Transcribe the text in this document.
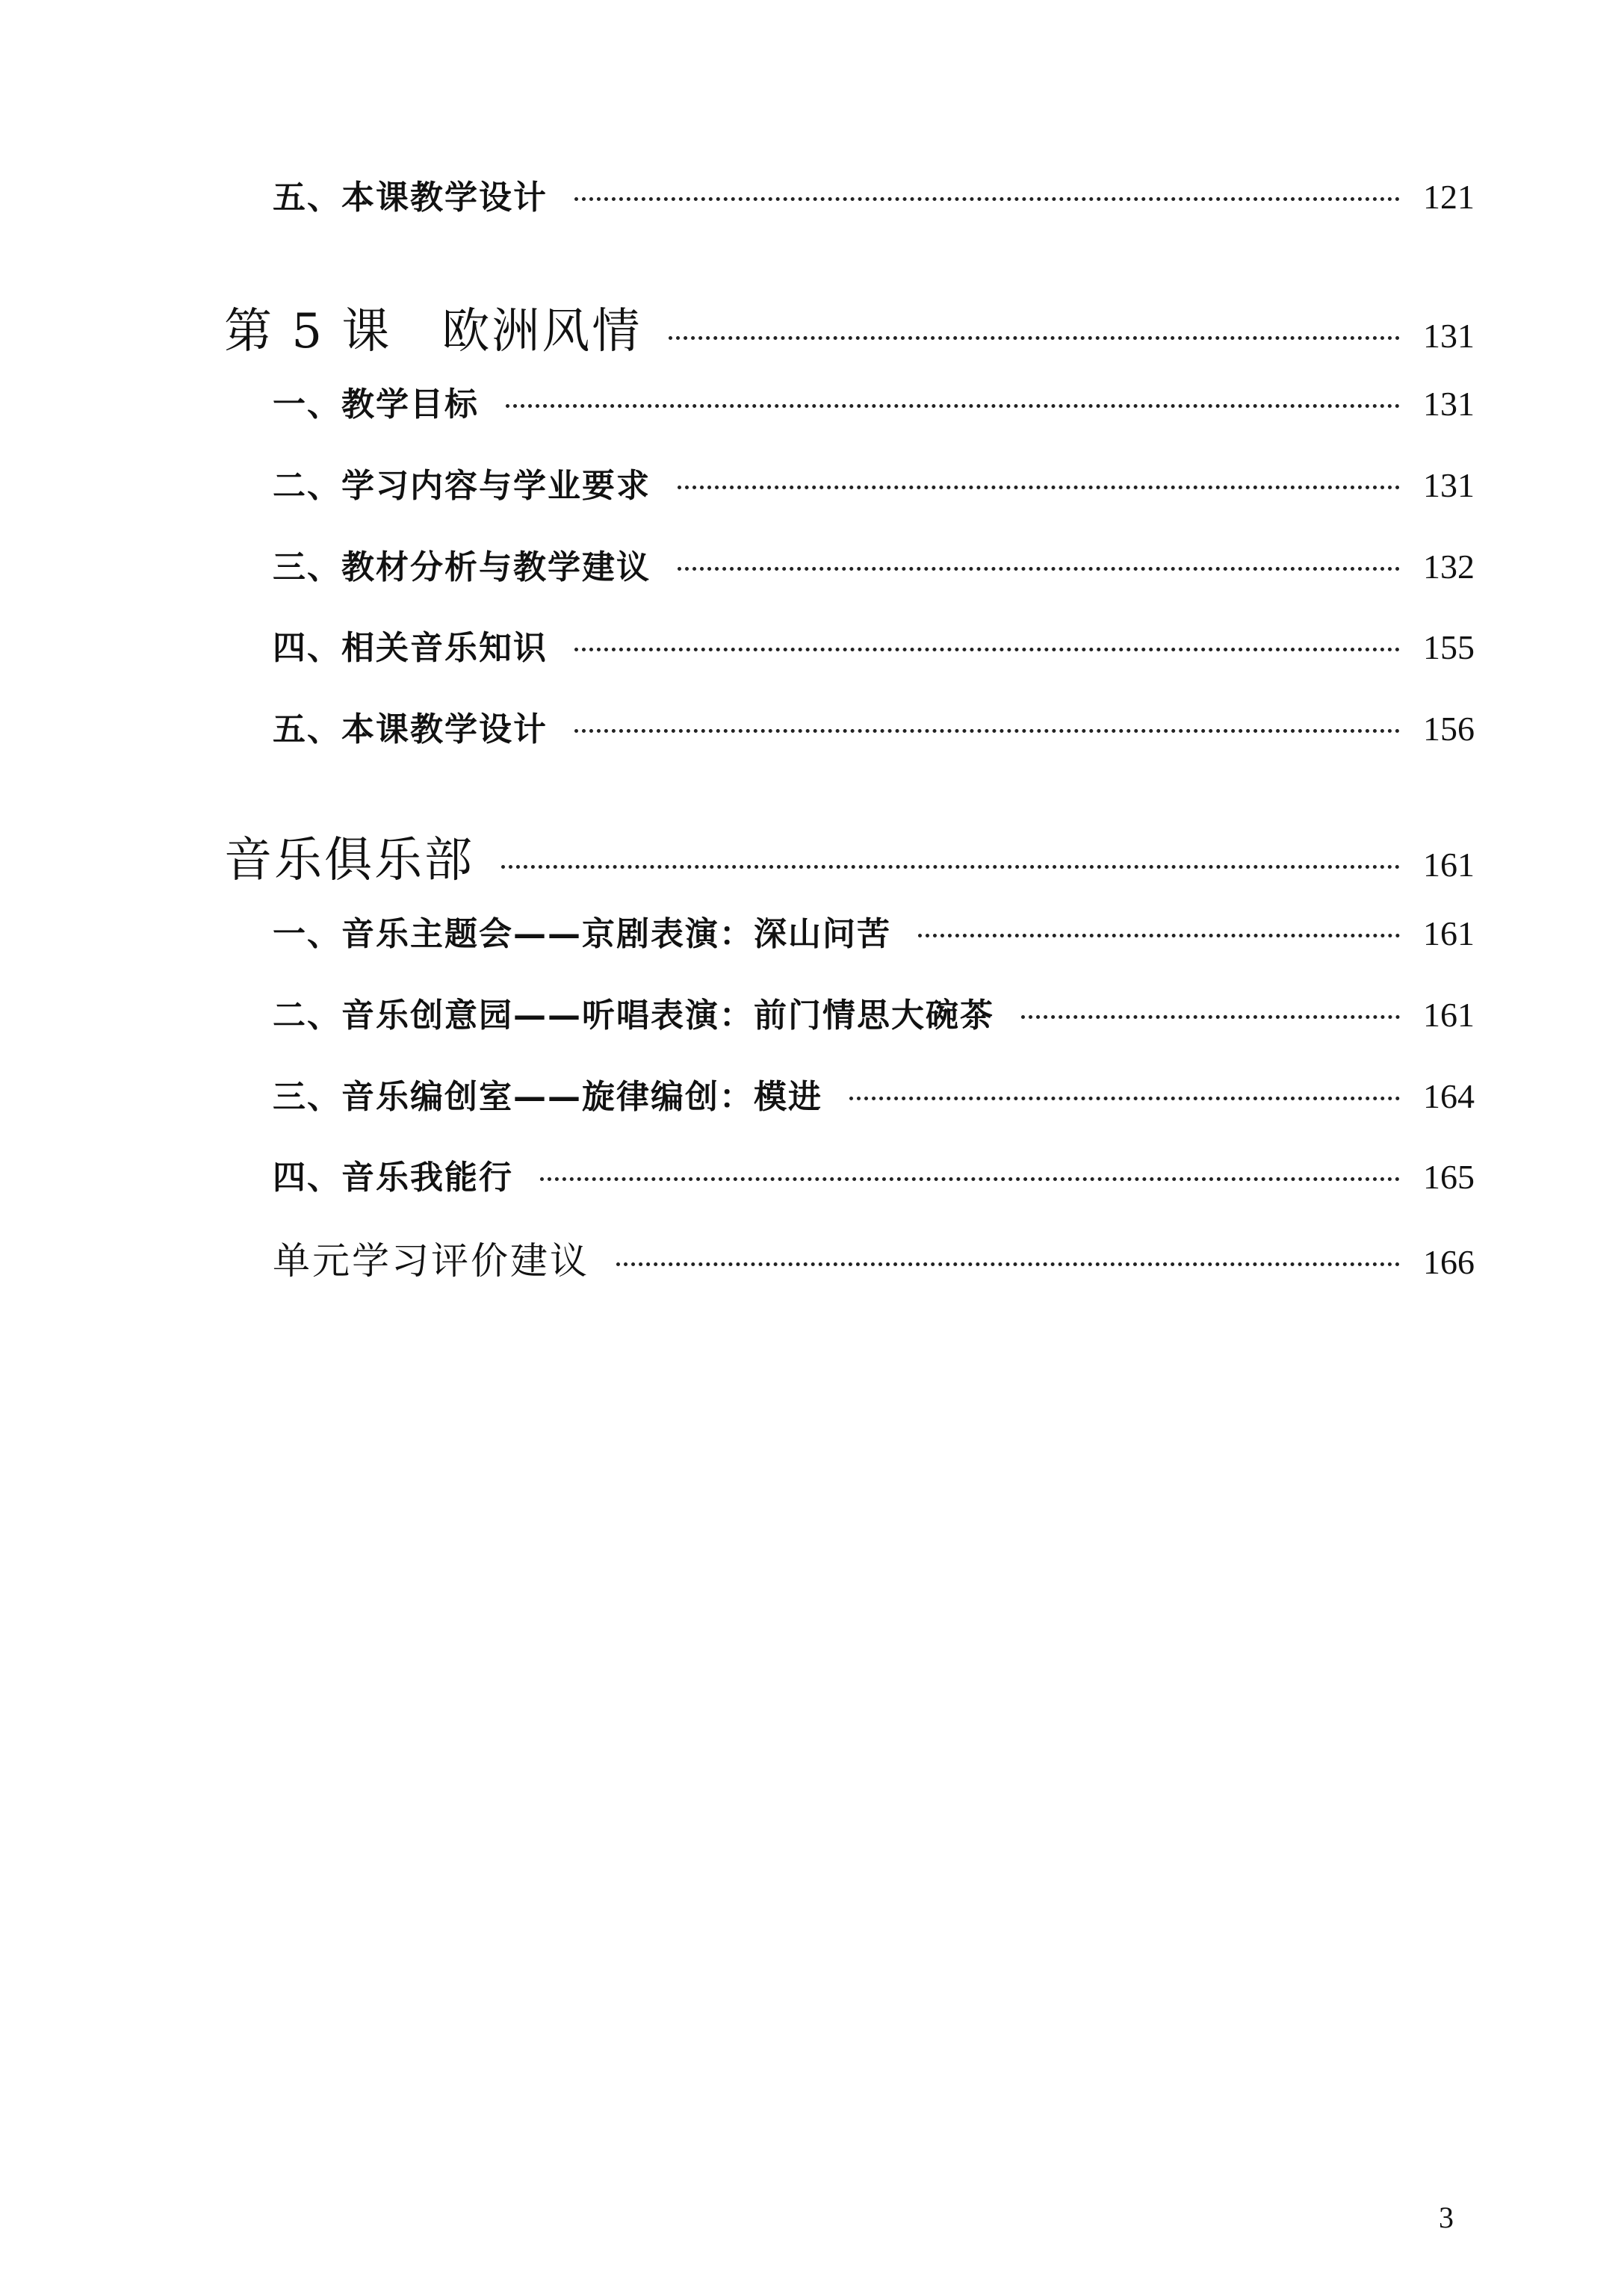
五、本课教学设计	121
第 5 课　欧洲风情	131
一、教学目标	131
二、学习内容与学业要求	131
三、教材分析与教学建议	132
四、相关音乐知识	155
五、本课教学设计	156
音乐俱乐部	161
一、音乐主题会——京剧表演：深山问苦	161
二、音乐创意园——听唱表演：前门情思大碗茶	161
三、音乐编创室——旋律编创：模进	164
四、音乐我能行	165
单元学习评价建议	166
3
